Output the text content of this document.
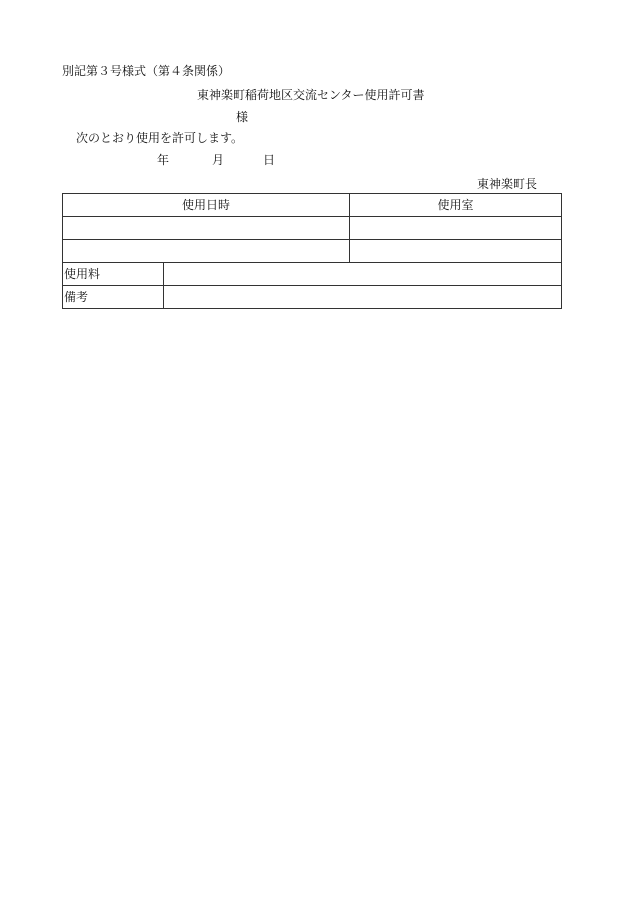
別記第３号様式（第４条関係）
東神楽町稲荷地区交流センター使用許可書
様
次のとおり使用を許可します。
年	月	日
東神楽町長
使用日時		使用室

使用料		
備考		
